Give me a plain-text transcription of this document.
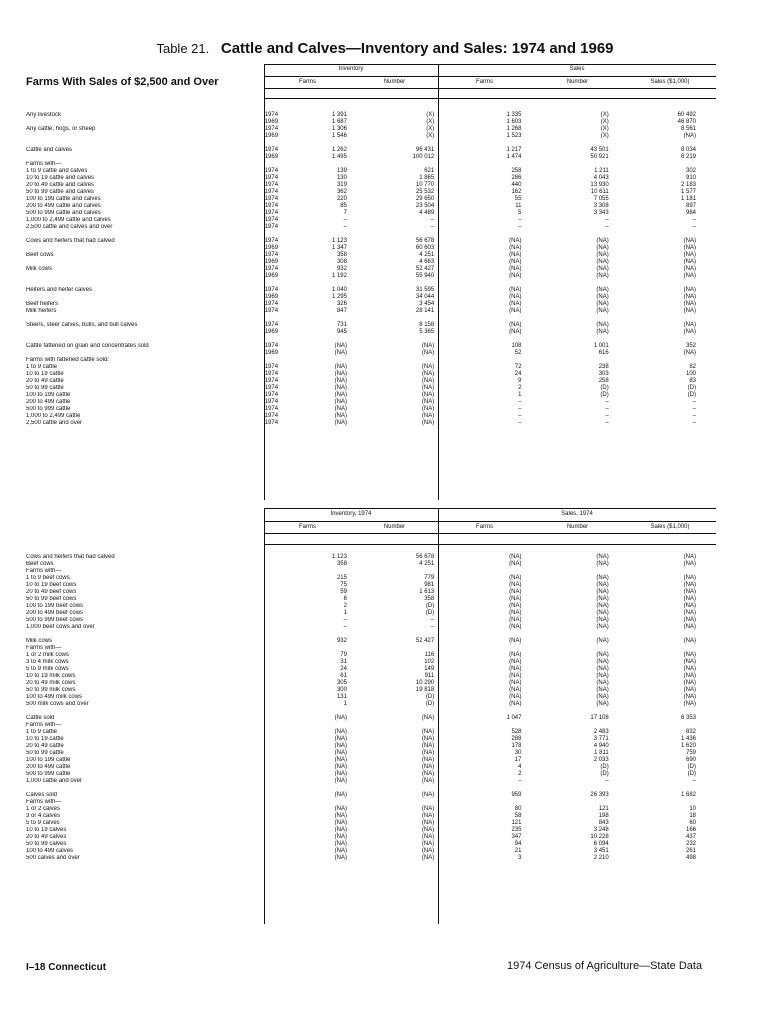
Table 21. Cattle and Calves—Inventory and Sales: 1974 and 1969
Farms With Sales of $2,500 and Over
Inventory	Sales
Farms	Number	Farms	Number	Sales ($1,000)
Any livestock	1974	1 391	(X)	1 335	(X)	60 492
	1969	1 687	(X)	1 603	(X)	46 870
Any cattle, hogs, or sheep	1974	1 306	(X)	1 268	(X)	8 561
	1969	1 546	(X)	1 523	(X)	(NA)

Cattle and calves	1974	1 262	96 431	1 217	43 501	8 034
	1969	1 495	100 012	1 474	50 921	6 219
Farms with—						
1 to 9 cattle and calves	1974	139	621	258	1 211	302
10 to 19 cattle and calves	1974	130	1 865	286	4 043	910
20 to 49 cattle and calves	1974	319	10 770	440	13 930	2 183
50 to 99 cattle and calves	1974	362	25 532	162	10 611	1 577
100 to 199 cattle and calves	1974	220	29 650	55	7 055	1 181
200 to 499 cattle and calves	1974	85	23 504	11	3 308	897
500 to 999 cattle and calves	1974	7	4 489	5	3 343	984
1,000 to 2,499 cattle and calves	1974	–	–	–	–	–
2,500 cattle and calves and over	1974	–	–	–	–	–

Cows and heifers that had calved	1974	1 123	56 678	(NA)	(NA)	(NA)
	1969	1 347	60 603	(NA)	(NA)	(NA)
Beef cows	1974	358	4 251	(NA)	(NA)	(NA)
	1969	308	4 663	(NA)	(NA)	(NA)
Milk cows	1974	932	52 427	(NA)	(NA)	(NA)
	1969	1 192	55 940	(NA)	(NA)	(NA)

Heifers and heifer calves	1974	1 040	31 595	(NA)	(NA)	(NA)
	1969	1 295	34 044	(NA)	(NA)	(NA)
Beef heifers	1974	326	3 454	(NA)	(NA)	(NA)
Milk heifers	1974	847	28 141	(NA)	(NA)	(NA)

Steers, steer calves, bulls, and bull calves	1974	731	8 158	(NA)	(NA)	(NA)
	1969	945	5 365	(NA)	(NA)	(NA)

Cattle fattened on grain and concentrates sold	1974	(NA)	(NA)	108	1 001	352
	1969	(NA)	(NA)	52	616	(NA)
Farms with fattened cattle sold:						
1 to 9 cattle	1974	(NA)	(NA)	72	238	82
10 to 19 cattle	1974	(NA)	(NA)	24	303	100
20 to 49 cattle	1974	(NA)	(NA)	9	258	83
50 to 99 cattle	1974	(NA)	(NA)	2	(D)	(D)
100 to 199 cattle	1974	(NA)	(NA)	1	(D)	(D)
200 to 499 cattle	1974	(NA)	(NA)	–	–	–
500 to 999 cattle	1974	(NA)	(NA)	–	–	–
1,000 to 2,499 cattle	1974	(NA)	(NA)	–	–	–
2,500 cattle and over	1974	(NA)	(NA)	–	–	–
Inventory, 1974	Sales, 1974
Farms	Number	Farms	Number	Sales ($1,000)
Cows and heifers that had calved		1 123	56 678	(NA)	(NA)	(NA)
Beef cows		358	4 251	(NA)	(NA)	(NA)
Farms with—						
1 to 9 beef cows		215	779	(NA)	(NA)	(NA)
10 to 19 beef cows		75	981	(NA)	(NA)	(NA)
20 to 49 beef cows		59	1 613	(NA)	(NA)	(NA)
50 to 99 beef cows		6	358	(NA)	(NA)	(NA)
100 to 199 beef cows		2	(D)	(NA)	(NA)	(NA)
200 to 499 beef cows		1	(D)	(NA)	(NA)	(NA)
500 to 999 beef cows		–	–	(NA)	(NA)	(NA)
1,000 beef cows and over		–	–	(NA)	(NA)	(NA)

Milk cows		932	52 427	(NA)	(NA)	(NA)
Farms with—						
1 or 2 milk cows		79	116	(NA)	(NA)	(NA)
3 to 4 milk cows		31	102	(NA)	(NA)	(NA)
5 to 9 milk cows		24	149	(NA)	(NA)	(NA)
10 to 19 milk cows		61	911	(NA)	(NA)	(NA)
20 to 49 milk cows		305	10 290	(NA)	(NA)	(NA)
50 to 99 milk cows		300	19 818	(NA)	(NA)	(NA)
100 to 499 milk cows		131	(D)	(NA)	(NA)	(NA)
500 milk cows and over		1	(D)	(NA)	(NA)	(NA)

Cattle sold		(NA)	(NA)	1 047	17 108	6 353
Farms with—						
1 to 9 cattle		(NA)	(NA)	528	2 483	832
10 to 19 cattle		(NA)	(NA)	288	3 771	1 436
20 to 49 cattle		(NA)	(NA)	178	4 940	1 620
50 to 99 cattle		(NA)	(NA)	30	1 811	759
100 to 199 cattle		(NA)	(NA)	17	2 033	690
200 to 499 cattle		(NA)	(NA)	4	(D)	(D)
500 to 999 cattle		(NA)	(NA)	2	(D)	(D)
1,000 cattle and over		(NA)	(NA)	–	–	–

Calves sold		(NA)	(NA)	959	26 393	1 682
Farms with—						
1 or 2 calves		(NA)	(NA)	80	121	10
3 or 4 calves		(NA)	(NA)	58	198	18
5 to 9 calves		(NA)	(NA)	121	843	60
10 to 19 calves		(NA)	(NA)	235	3 248	166
20 to 49 calves		(NA)	(NA)	347	10 228	437
50 to 99 calves		(NA)	(NA)	94	6 094	232
100 to 499 calves		(NA)	(NA)	21	3 451	261
500 calves and over		(NA)	(NA)	3	2 210	498
I–18 Connecticut	1974 Census of Agriculture—State Data
